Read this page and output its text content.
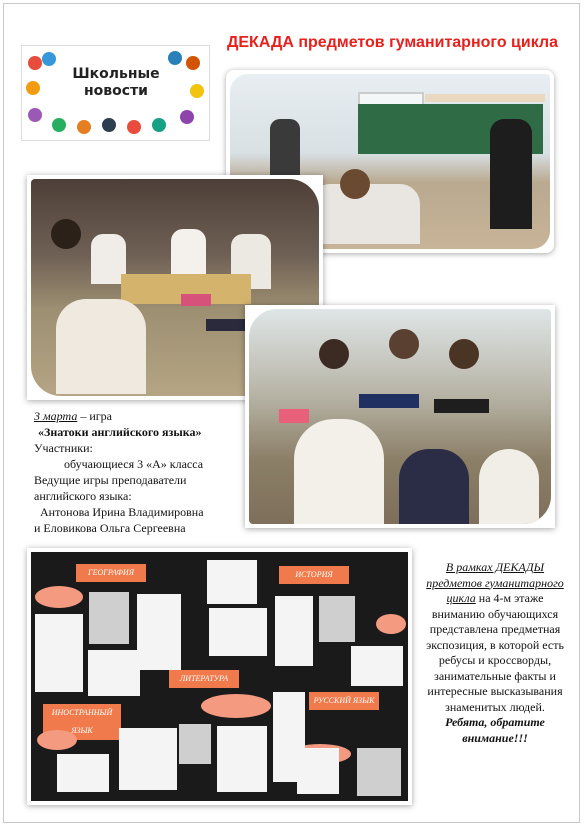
Школьные новости
ДЕКАДА предметов гуманитарного цикла
ГЕОГРАФИЯ	ИСТОРИЯ
ЛИТЕРАТУРА
РУССКИЙ ЯЗЫК
ИНОСТРАННЫЙ ЯЗЫК
3 марта – игра
«Знатоки английского языка»
Участники:
обучающиеся 3 «А» класса
Ведущие игры преподаватели английского языка:
Антонова Ирина Владимировна
и Еловикова Ольга Сергеевна
В рамках ДЕКАДЫ предметов гуманитарного цикла на 4-м этаже вниманию обучающихся представлена предметная экспозиция, в которой есть ребусы и кроссворды, занимательные факты и интересные высказывания знаменитых людей. Ребята, обратите внимание!!!
